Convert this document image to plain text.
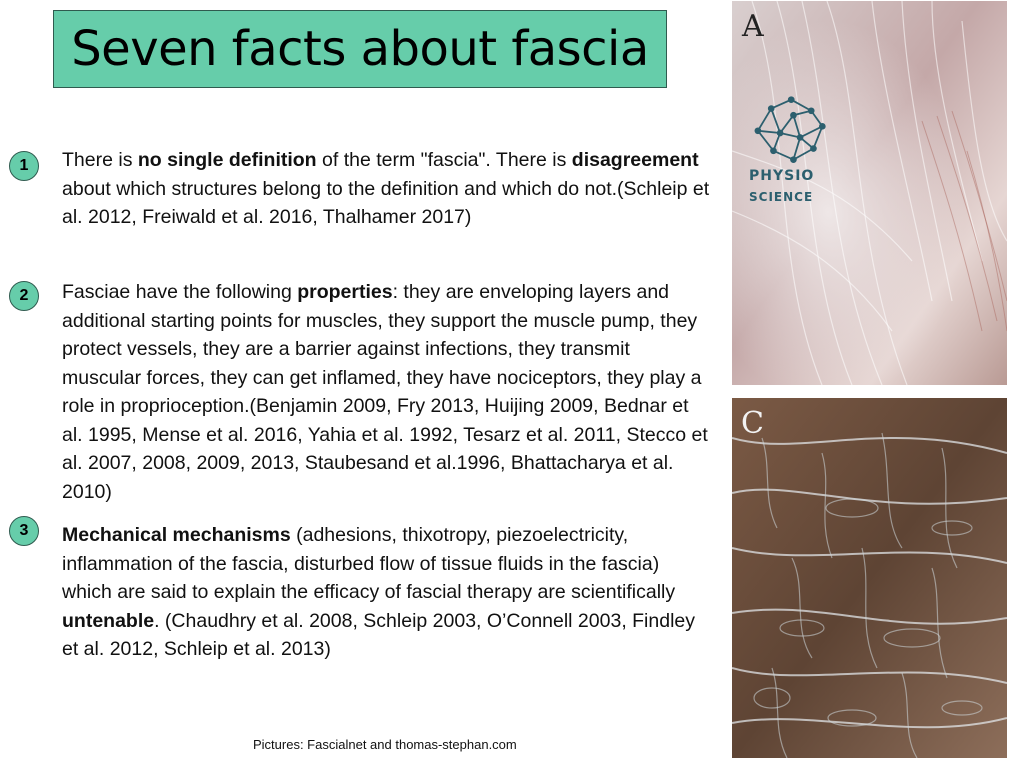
Seven facts about fascia
1	There is no single definition of the term "fascia". There is disagreement about which structures belong to the definition and which do not.(Schleip et al. 2012, Freiwald et al. 2016, Thalhamer 2017)
2	Fasciae have the following properties: they are enveloping layers and additional starting points for muscles, they support the muscle pump, they protect vessels, they are a barrier against infections, they transmit muscular forces, they can get inflamed, they have nociceptors, they play a role in proprioception.(Benjamin 2009, Fry 2013, Huijing 2009, Bednar et al. 1995, Mense et al. 2016, Yahia et al. 1992, Tesarz et al. 2011, Stecco et al. 2007, 2008, 2009, 2013, Staubesand et al.1996, Bhattacharya et al. 2010)
3	Mechanical mechanisms (adhesions, thixotropy, piezoelectricity, inflammation of the fascia, disturbed flow of tissue fluids in the fascia) which are said to explain the efficacy of fascial therapy are scientifically untenable. (Chaudhry et al. 2008, Schleip 2003, O’Connell 2003, Findley et al. 2012, Schleip et al. 2013)
Pictures: Fascialnet and thomas-stephan.com
A
PHYSIO
SCIENCE
C
